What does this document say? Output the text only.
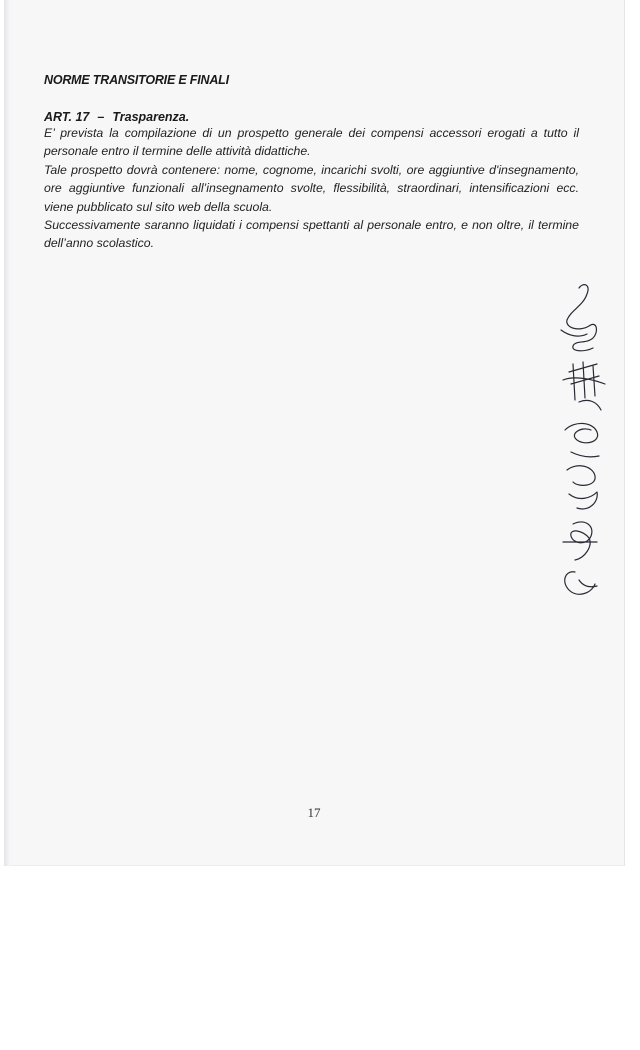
NORME TRANSITORIE E FINALI
ART. 17 – Trasparenza.

E’ prevista la compilazione di un prospetto generale dei compensi accessori erogati a tutto il personale entro il termine delle attività didattiche.

Tale prospetto dovrà contenere: nome, cognome, incarichi svolti, ore aggiuntive d'insegnamento, ore aggiuntive funzionali all’insegnamento svolte, flessibilità, straordinari, intensificazioni ecc. viene pubblicato sul sito web della scuola.

Successivamente saranno liquidati i compensi spettanti al personale entro, e non oltre, il termine dell’anno scolastico.

17
